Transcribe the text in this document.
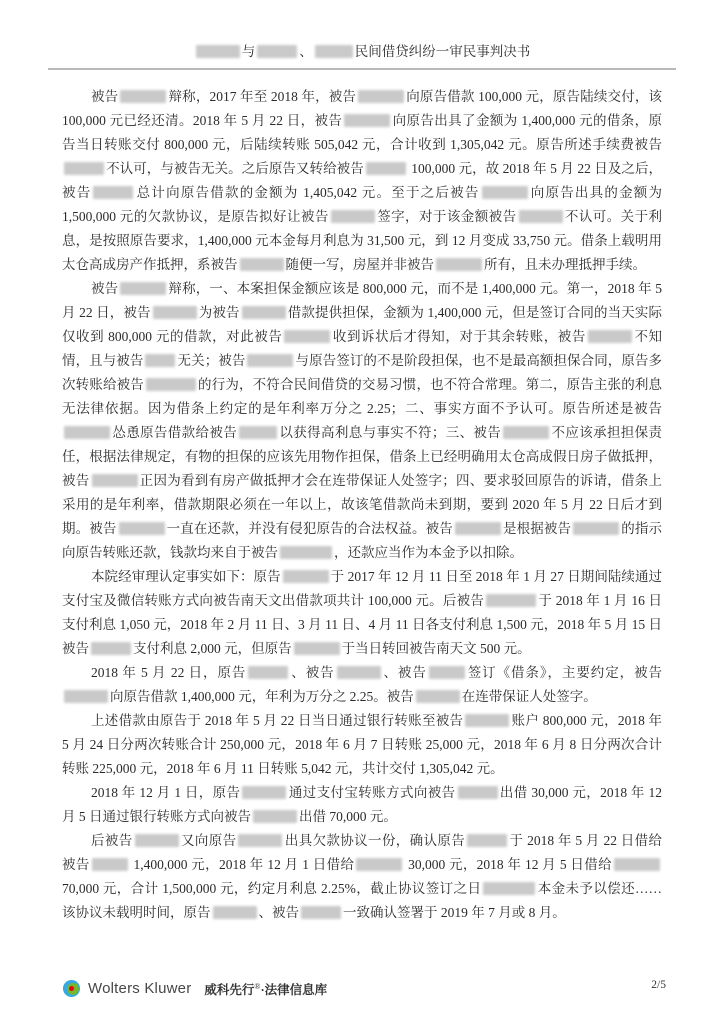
与	、	民间借贷纠纷一审民事判决书

被告	辩称，2017 年至 2018 年，被告	向原告借款 100,000 元，原告陆续交付，该 100,000 元已经还清。2018 年 5 月 22 日，被告	向原告出具了金额为 1,400,000 元的借条，原告当日转账交付 800,000 元，后陆续转账 505,042 元，合计收到 1,305,042 元。原告所述手续费被告不认可，与被告无关。之后原告又转给被告	100,000 元，故 2018 年 5 月 22 日及之后，被告	总计向原告借款的金额为 1,405,042 元。至于之后被告	向原告出具的金额为 1,500,000 元的欠款协议，是原告拟好让被告	签字，对于该金额被告	不认可。关于利息，是按照原告要求，1,400,000 元本金每月利息为 31,500 元，到 12 月变成 33,750 元。借条上载明用太仓高成房产作抵押，系被告	随便一写，房屋并非被告	所有，且未办理抵押手续。

被告	辩称，一、本案担保金额应该是 800,000 元，而不是 1,400,000 元。第一，2018 年 5 月 22 日，被告	为被告	借款提供担保，金额为 1,400,000 元，但是签订合同的当天实际仅收到 800,000 元的借款，对此被告	收到诉状后才得知，对于其余转账，被告	不知情，且与被告	无关；被告	与原告签订的不是阶段担保，也不是最高额担保合同，原告多次转账给被告	的行为，不符合民间借贷的交易习惯，也不符合常理。第二，原告主张的利息无法律依据。因为借条上约定的是年利率万分之 2.25；二、事实方面不予认可。原告所述是被告怂恿原告借款给被告	以获得高利息与事实不符；三、被告	不应该承担担保责任，根据法律规定，有物的担保的应该先用物作担保，借条上已经明确用太仓高成假日房子做抵押，被告	正因为看到有房产做抵押才会在连带保证人处签字；四、要求驳回原告的诉请，借条上采用的是年利率，借款期限必须在一年以上，故该笔借款尚未到期，要到 2020 年 5 月 22 日后才到期。被告	一直在还款，并没有侵犯原告的合法权益。被告	是根据被告	的指示向原告转账还款，钱款均来自于被告	，还款应当作为本金予以扣除。

本院经审理认定事实如下：原告	于 2017 年 12 月 11 日至 2018 年 1 月 27 日期间陆续通过支付宝及微信转账方式向被告南天文出借款项共计 100,000 元。后被告	于 2018 年 1 月 16 日支付利息 1,050 元，2018 年 2 月 11 日、3 月 11 日、4 月 11 日各支付利息 1,500 元，2018 年 5 月 15 日被告	支付利息 2,000 元，但原告	于当日转回被告南天文 500 元。

2018 年 5 月 22 日，原告	、被告	、被告	签订《借条》，主要约定，被告向原告借款 1,400,000 元，年利为万分之 2.25。被告	在连带保证人处签字。

上述借款由原告于 2018 年 5 月 22 日当日通过银行转账至被告	账户 800,000 元，2018 年 5 月 24 日分两次转账合计 250,000 元，2018 年 6 月 7 日转账 25,000 元，2018 年 6 月 8 日分两次合计转账 225,000 元，2018 年 6 月 11 日转账 5,042 元，共计交付 1,305,042 元。

2018 年 12 月 1 日，原告	通过支付宝转账方式向被告	出借 30,000 元，2018 年 12 月 5 日通过银行转账方式向被告	出借 70,000 元。

后被告	又向原告	出具欠款协议一份，确认原告	于 2018 年 5 月 22 日借给被告	1,400,000 元，2018 年 12 月 1 日借给	30,000 元，2018 年 12 月 5 日借给 70,000 元，合计 1,500,000 元，约定月利息 2.25%，截止协议签订之日	本金未予以偿还……该协议未载明时间，原告	、被告	一致确认签署于 2019 年 7 月或 8 月。

Wolters Kluwer 威科先行®·法律信息库	2/5
